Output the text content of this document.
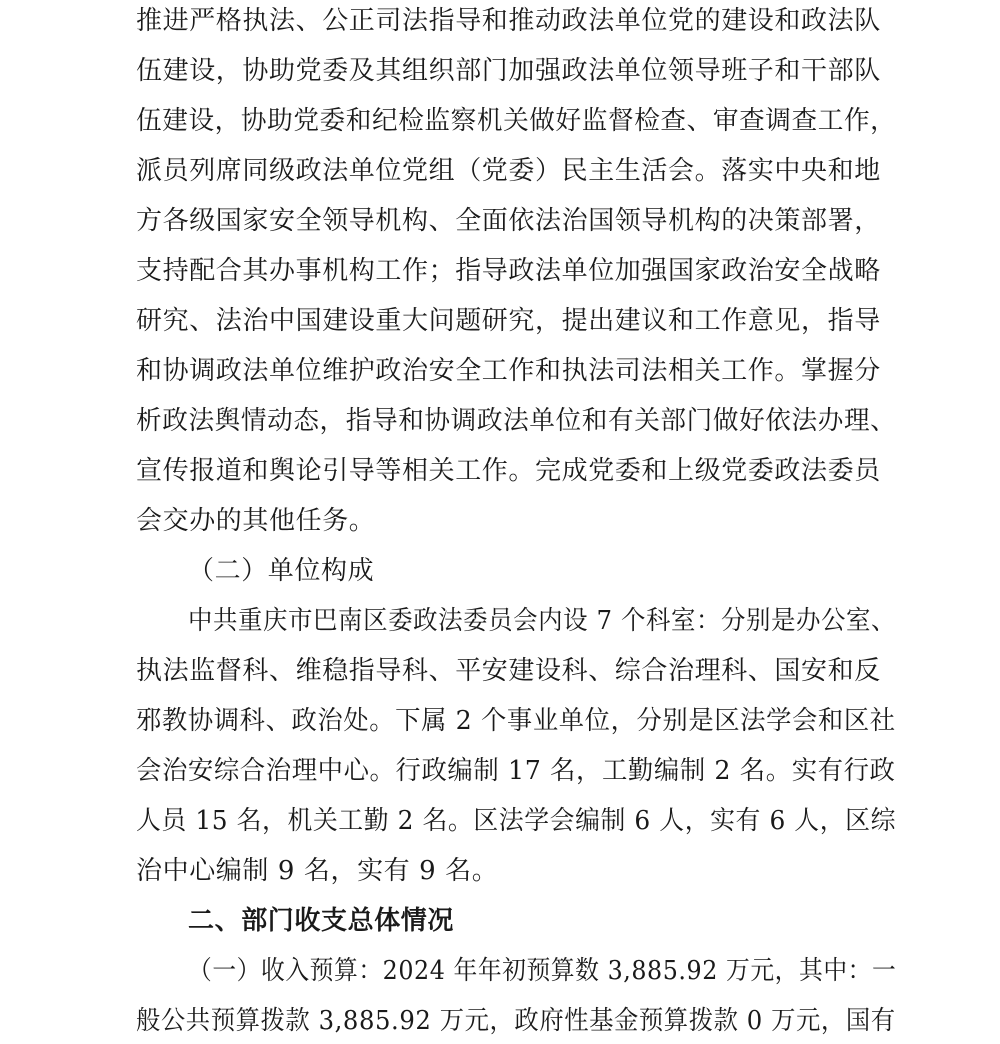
推进严格执法、公正司法指导和推动政法单位党的建设和政法队
伍建设，协助党委及其组织部门加强政法单位领导班子和干部队
伍建设，协助党委和纪检监察机关做好监督检查、审查调查工作，
派员列席同级政法单位党组（党委）民主生活会。落实中央和地
方各级国家安全领导机构、全面依法治国领导机构的决策部署，
支持配合其办事机构工作；指导政法单位加强国家政治安全战略
研究、法治中国建设重大问题研究，提出建议和工作意见，指导
和协调政法单位维护政治安全工作和执法司法相关工作。掌握分
析政法舆情动态，指导和协调政法单位和有关部门做好依法办理、
宣传报道和舆论引导等相关工作。完成党委和上级党委政法委员
会交办的其他任务。
（二）单位构成
中共重庆市巴南区委政法委员会内设 7 个科室：分别是办公室、
执法监督科、维稳指导科、平安建设科、综合治理科、国安和反
邪教协调科、政治处。下属 2 个事业单位，分别是区法学会和区社
会治安综合治理中心。行政编制 17 名，工勤编制 2 名。实有行政
人员 15 名，机关工勤 2 名。区法学会编制 6 人，实有 6 人，区综
治中心编制 9 名，实有 9 名。
二、部门收支总体情况
（一）收入预算：2024 年年初预算数 3,885.92 万元，其中：一
般公共预算拨款 3,885.92 万元，政府性基金预算拨款 0 万元，国有
